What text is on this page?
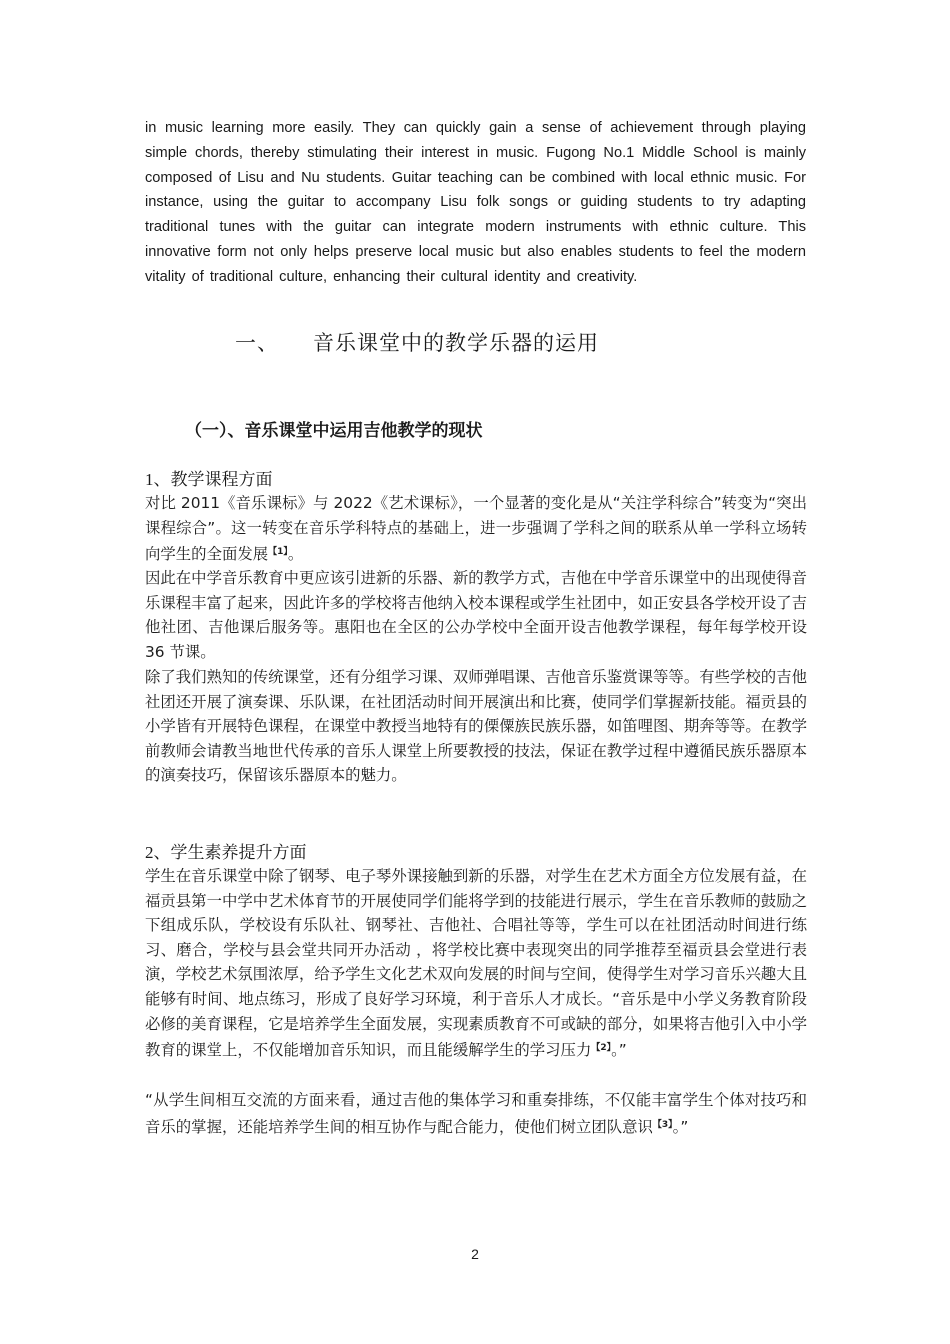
in music learning more easily. They can quickly gain a sense of achievement through playing simple chords, thereby stimulating their interest in music. Fugong No.1 Middle School is mainly composed of Lisu and Nu students. Guitar teaching can be combined with local ethnic music. For instance, using the guitar to accompany Lisu folk songs or guiding students to try adapting traditional tunes with the guitar can integrate modern instruments with ethnic culture. This innovative form not only helps preserve local music but also enables students to feel the modern vitality of traditional culture, enhancing their cultural identity and creativity.

一、 音乐课堂中的教学乐器的运用
（一）、音乐课堂中运用吉他教学的现状
1、教学课程方面

对比 2011《音乐课标》与 2022《艺术课标》，一个显著的变化是从“关注学科综合”转变为“突出课程综合”。这一转变在音乐学科特点的基础上，进一步强调了学科之间的联系从单一学科立场转向学生的全面发展$^{【1】}$。

因此在中学音乐教育中更应该引进新的乐器、新的教学方式，吉他在中学音乐课堂中的出现使得音乐课程丰富了起来，因此许多的学校将吉他纳入校本课程或学生社团中，如正安县各学校开设了吉他社团、吉他课后服务等。惠阳也在全区的公办学校中全面开设吉他教学课程，每年每学校开设 36 节课。

除了我们熟知的传统课堂，还有分组学习课、双师弹唱课、吉他音乐鉴赏课等等。有些学校的吉他社团还开展了演奏课、乐队课，在社团活动时间开展演出和比赛，使同学们掌握新技能。福贡县的小学皆有开展特色课程，在课堂中教授当地特有的傈僳族民族乐器，如笛哩图、期奔等等。在教学前教师会请教当地世代传承的音乐人课堂上所要教授的技法，保证在教学过程中遵循民族乐器原本的演奏技巧，保留该乐器原本的魅力。

2、学生素养提升方面

学生在音乐课堂中除了钢琴、电子琴外课接触到新的乐器，对学生在艺术方面全方位发展有益，在福贡县第一中学中艺术体育节的开展使同学们能将学到的技能进行展示，学生在音乐教师的鼓励之下组成乐队，学校设有乐队社、钢琴社、吉他社、合唱社等等，学生可以在社团活动时间进行练习、磨合，学校与县会堂共同开办活动 ，将学校比赛中表现突出的同学推荐至福贡县会堂进行表演，学校艺术氛围浓厚，给予学生文化艺术双向发展的时间与空间，使得学生对学习音乐兴趣大且能够有时间、地点练习，形成了良好学习环境，利于音乐人才成长。“音乐是中小学义务教育阶段必修的美育课程，它是培养学生全面发展，实现素质教育不可或缺的部分，如果将吉他引入中小学教育的课堂上，不仅能增加音乐知识，而且能缓解学生的学习压力$^{【2】}$。”

“从学生间相互交流的方面来看，通过吉他的集体学习和重奏排练，不仅能丰富学生个体对技巧和音乐的掌握，还能培养学生间的相互协作与配合能力，使他们树立团队意识$^{【3】}$。”

2
